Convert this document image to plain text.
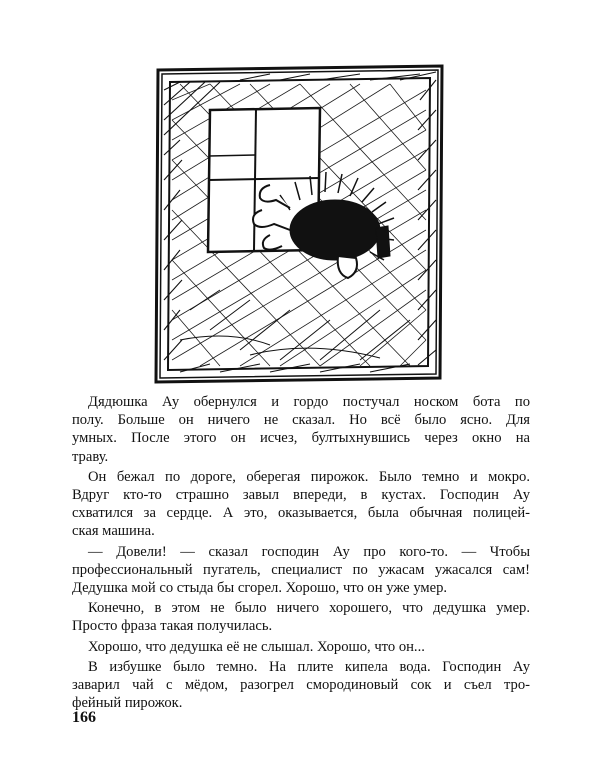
Дядюшка Ау обернулся и гордо постучал носком бота по
полу. Больше он ничего не сказал. Но всё было ясно. Для
умных. После этого он исчез, бултыхнувшись через окно на
траву.

Он бежал по дороге, оберегая пирожок. Было темно и мокро.
Вдруг кто-то страшно завыл впереди, в кустах. Господин Ау
схватился за сердце. А это, оказывается, была обычная полицей-
ская машина.

— Довели! — сказал господин Ау про кого-то. — Чтобы
профессиональный пугатель, специалист по ужасам ужасался сам!
Дедушка мой со стыда бы сгорел. Хорошо, что он уже умер.

Конечно, в этом не было ничего хорошего, что дедушка умер.
Просто фраза такая получилась.

Хорошо, что дедушка её не слышал. Хорошо, что он...

В избушке было темно. На плите кипела вода. Господин Ау
заварил чай с мёдом, разогрел смородиновый сок и съел тро-
фейный пирожок.

166
